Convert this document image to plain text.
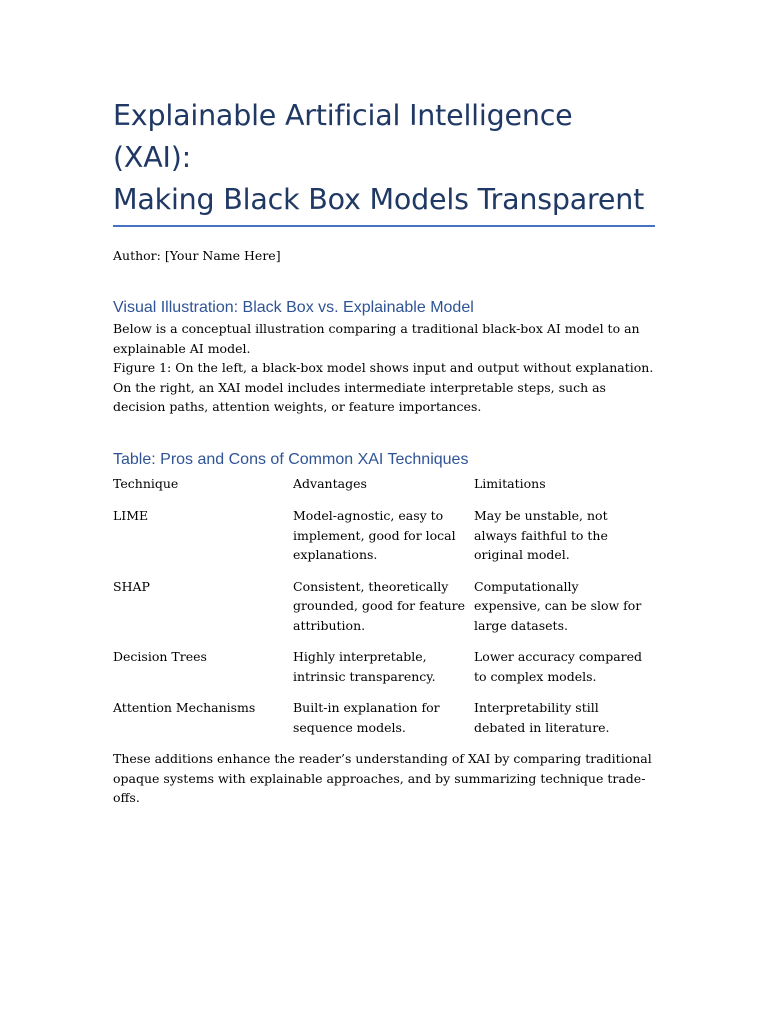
Explainable Artificial Intelligence (XAI):
Making Black Box Models Transparent

Author: [Your Name Here]

Visual Illustration: Black Box vs. Explainable Model

Below is a conceptual illustration comparing a traditional black-box AI model to an explainable AI model.

Figure 1: On the left, a black-box model shows input and output without explanation. On the right, an XAI model includes intermediate interpretable steps, such as decision paths, attention weights, or feature importances.

Table: Pros and Cons of Common XAI Techniques
Technique	Advantages	Limitations
LIME	Model-agnostic, easy to implement, good for local explanations.	May be unstable, not always faithful to the original model.
SHAP	Consistent, theoretically grounded, good for feature attribution.	Computationally expensive, can be slow for large datasets.
Decision Trees	Highly interpretable, intrinsic transparency.	Lower accuracy compared to complex models.
Attention Mechanisms	Built-in explanation for sequence models.	Interpretability still debated in literature.

These additions enhance the reader’s understanding of XAI by comparing traditional opaque systems with explainable approaches, and by summarizing technique trade-offs.
